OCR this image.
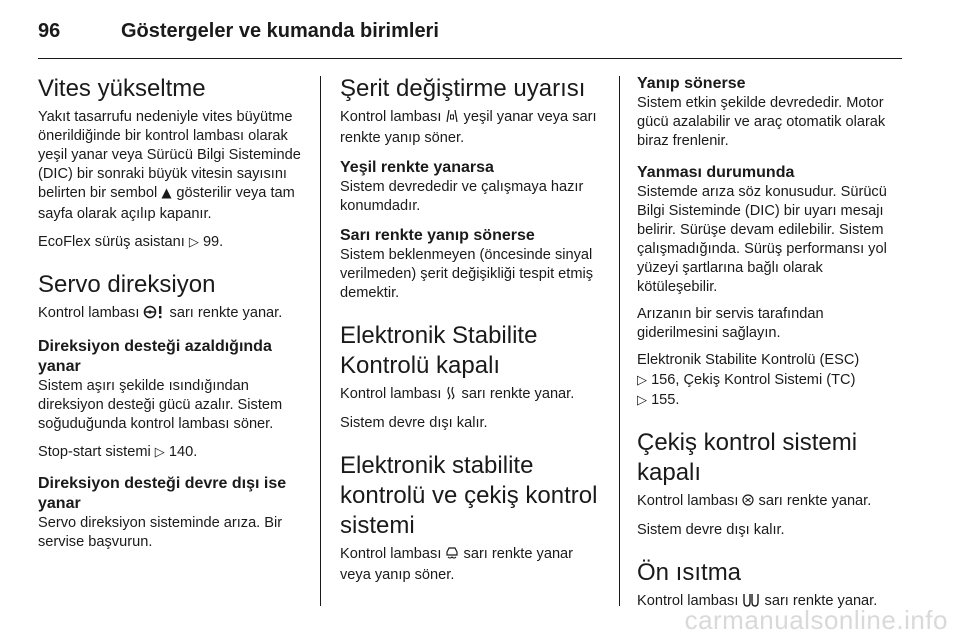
96	Göstergeler ve kumanda birimleri
Vites yükseltme

Yakıt tasarrufu nedeniyle vites büyütme önerildiğinde bir kontrol lambası olarak yeşil yanar veya Sürücü Bilgi Sisteminde (DIC) bir sonraki büyük vitesin sayısını belirten bir sembol gösterilir veya tam sayfa olarak açılıp kapanır.

EcoFlex sürüş asistanı ▷ 99.

Servo direksiyon

Kontrol lambası sarı renkte yanar.

Direksiyon desteği azaldığında yanar

Sistem aşırı şekilde ısındığından direksiyon desteği gücü azalır. Sistem soğuduğunda kontrol lambası söner.

Stop-start sistemi ▷ 140.

Direksiyon desteği devre dışı ise yanar

Servo direksiyon sisteminde arıza. Bir servise başvurun.

Şerit değiştirme uyarısı

Kontrol lambası yeşil yanar veya sarı renkte yanıp söner.

Yeşil renkte yanarsa

Sistem devrededir ve çalışmaya hazır konumdadır.

Sarı renkte yanıp sönerse

Sistem beklenmeyen (öncesinde sinyal verilmeden) şerit değişikliği tespit etmiş demektir.

Elektronik Stabilite Kontrolü kapalı

Kontrol lambası sarı renkte yanar.

Sistem devre dışı kalır.

Elektronik stabilite kontrolü ve çekiş kontrol sistemi

Kontrol lambası sarı renkte yanar veya yanıp söner.

Yanıp sönerse

Sistem etkin şekilde devrededir. Motor gücü azalabilir ve araç otomatik olarak biraz frenlenir.

Yanması durumunda

Sistemde arıza söz konusudur. Sürücü Bilgi Sisteminde (DIC) bir uyarı mesajı belirir. Sürüşe devam edilebilir. Sistem çalışmadığında. Sürüş performansı yol yüzeyi şartlarına bağlı olarak kötüleşebilir.

Arızanın bir servis tarafından giderilmesini sağlayın.

Elektronik Stabilite Kontrolü (ESC)
▷ 156, Çekiş Kontrol Sistemi (TC)
▷ 155.

Çekiş kontrol sistemi kapalı

Kontrol lambası sarı renkte yanar.

Sistem devre dışı kalır.

Ön ısıtma

Kontrol lambası sarı renkte yanar.

carmanualsonline.info
